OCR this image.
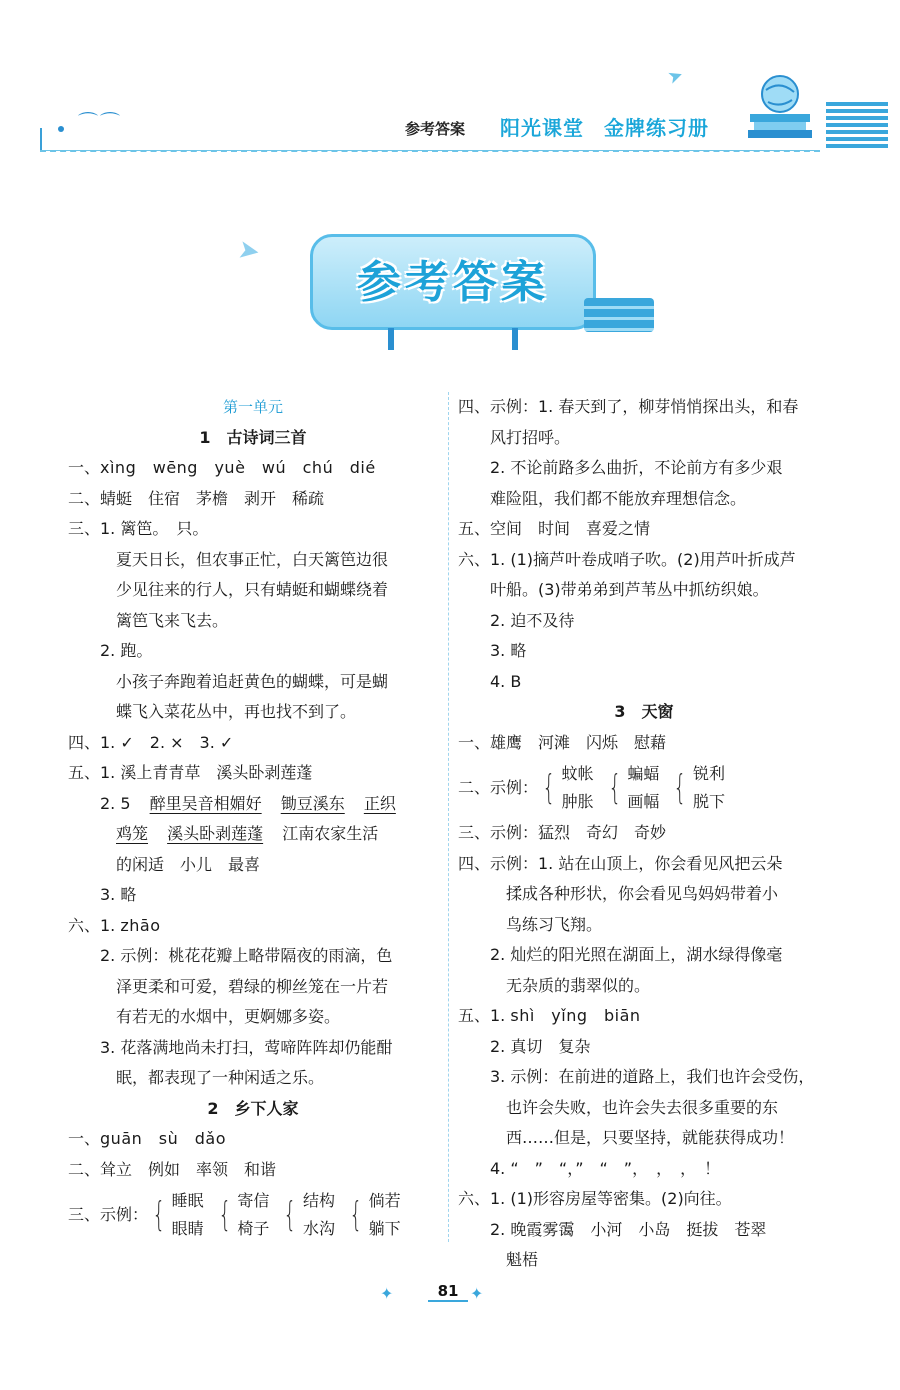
⌒⌒
➤
参考答案 阳光课堂 金牌练习册
➤
参考答案
第一单元
1　古诗词三首
一、xìng　wēng　yuè　wú　chú　dié
二、蜻蜓　住宿　茅檐　剥开　稀疏
三、1. 篱笆。　只。
夏天日长，但农事正忙，白天篱笆边很
少见往来的行人，只有蜻蜓和蝴蝶绕着
篱笆飞来飞去。
2. 跑。
小孩子奔跑着追赶黄色的蝴蝶，可是蝴
蝶飞入菜花丛中，再也找不到了。
四、1. ✓　2. ×　3. ✓
五、1. 溪上青青草　溪头卧剥莲蓬
2. 5 醉里吴音相媚好 锄豆溪东 正织
鸡笼 溪头卧剥莲蓬 江南农家生活
的闲适　小儿　最喜
3. 略
六、1. zhāo
2. 示例：桃花花瓣上略带隔夜的雨滴，色
泽更柔和可爱，碧绿的柳丝笼在一片若
有若无的水烟中，更婀娜多姿。
3. 花落满地尚未打扫，莺啼阵阵却仍能酣
眠，都表现了一种闲适之乐。
2　乡下人家
一、guān　sù　dǎo
二、耸立　例如　率领　和谐
三、示例： { 睡眠
眼睛 { 寄信
椅子 { 结构
水沟 { 倘若
躺下
四、示例：1. 春天到了，柳芽悄悄探出头，和春
风打招呼。
2. 不论前路多么曲折，不论前方有多少艰
难险阻，我们都不能放弃理想信念。
五、空间　时间　喜爱之情
六、1. (1)摘芦叶卷成哨子吹。(2)用芦叶折成芦
叶船。(3)带弟弟到芦苇丛中抓纺织娘。
2. 迫不及待
3. 略
4. B
3　天窗
一、雄鹰　河滩　闪烁　慰藉
二、示例： { 蚊帐
肿胀 { 蝙蝠
画幅 { 锐利
脱下
三、示例：猛烈　奇幻　奇妙
四、示例：1. 站在山顶上，你会看见风把云朵
揉成各种形状，你会看见鸟妈妈带着小
鸟练习飞翔。
2. 灿烂的阳光照在湖面上，湖水绿得像毫
无杂质的翡翠似的。
五、1. shì　yǐng　biān
2. 真切　复杂
3. 示例：在前进的道路上，我们也许会受伤，
也许会失败，也许会失去很多重要的东
西……但是，只要坚持，就能获得成功！
4. “　”　“，”　“　”，　，　，　！
六、1. (1)形容房屋等密集。(2)向往。
2. 晚霞雾霭　小河　小岛　挺拔　苍翠
魁梧
✦	81 ✦
